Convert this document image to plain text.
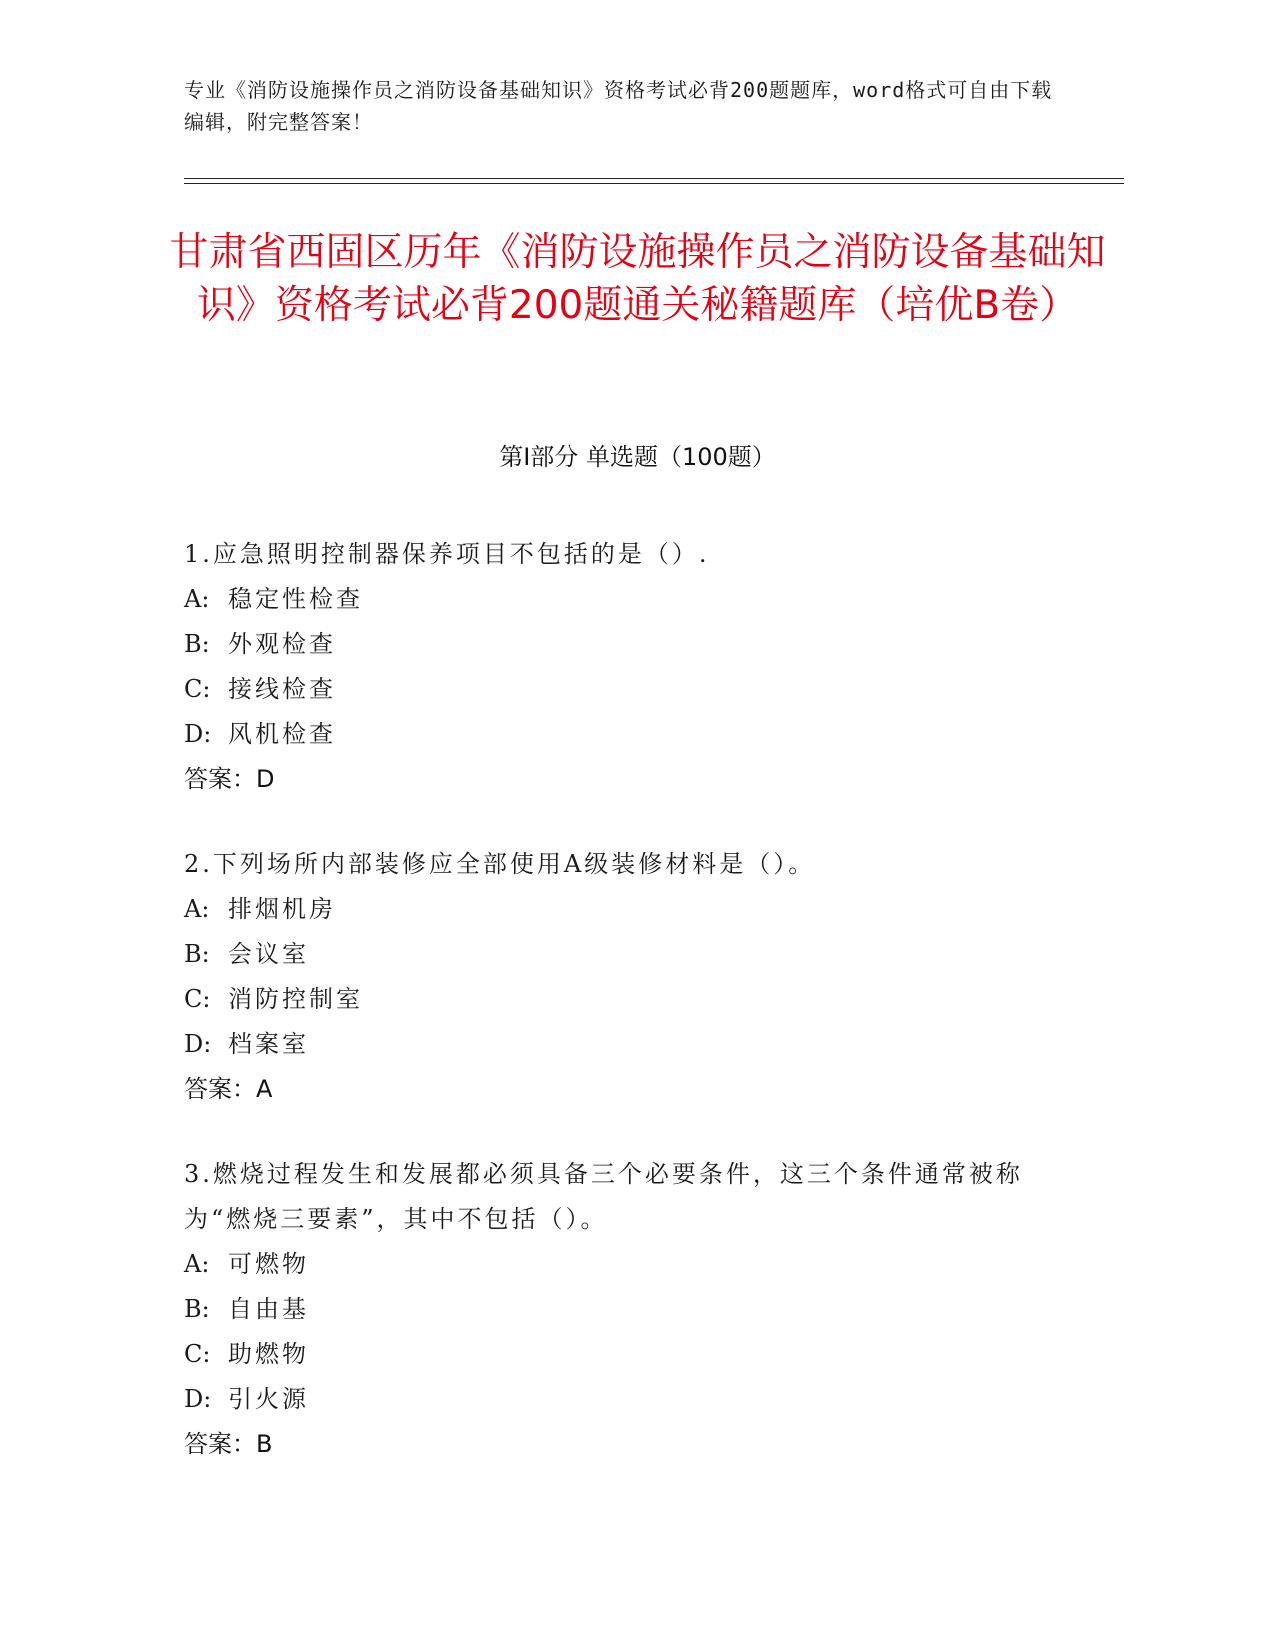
专业《消防设施操作员之消防设备基础知识》资格考试必背200题题库，word格式可自由下载编辑，附完整答案！
甘肃省西固区历年《消防设施操作员之消防设备基础知识》资格考试必背200题通关秘籍题库（培优B卷）
第Ⅰ部分 单选题（100题）

1.应急照明控制器保养项目不包括的是（）.

A: 稳定性检查

B: 外观检查

C: 接线检查

D: 风机检查

答案：D

2.下列场所内部装修应全部使用A级装修材料是（）。

A: 排烟机房

B: 会议室

C: 消防控制室

D: 档案室

答案：A

3.燃烧过程发生和发展都必须具备三个必要条件，这三个条件通常被称为“燃烧三要素”，其中不包括（）。

A: 可燃物

B: 自由基

C: 助燃物

D: 引火源

答案：B
